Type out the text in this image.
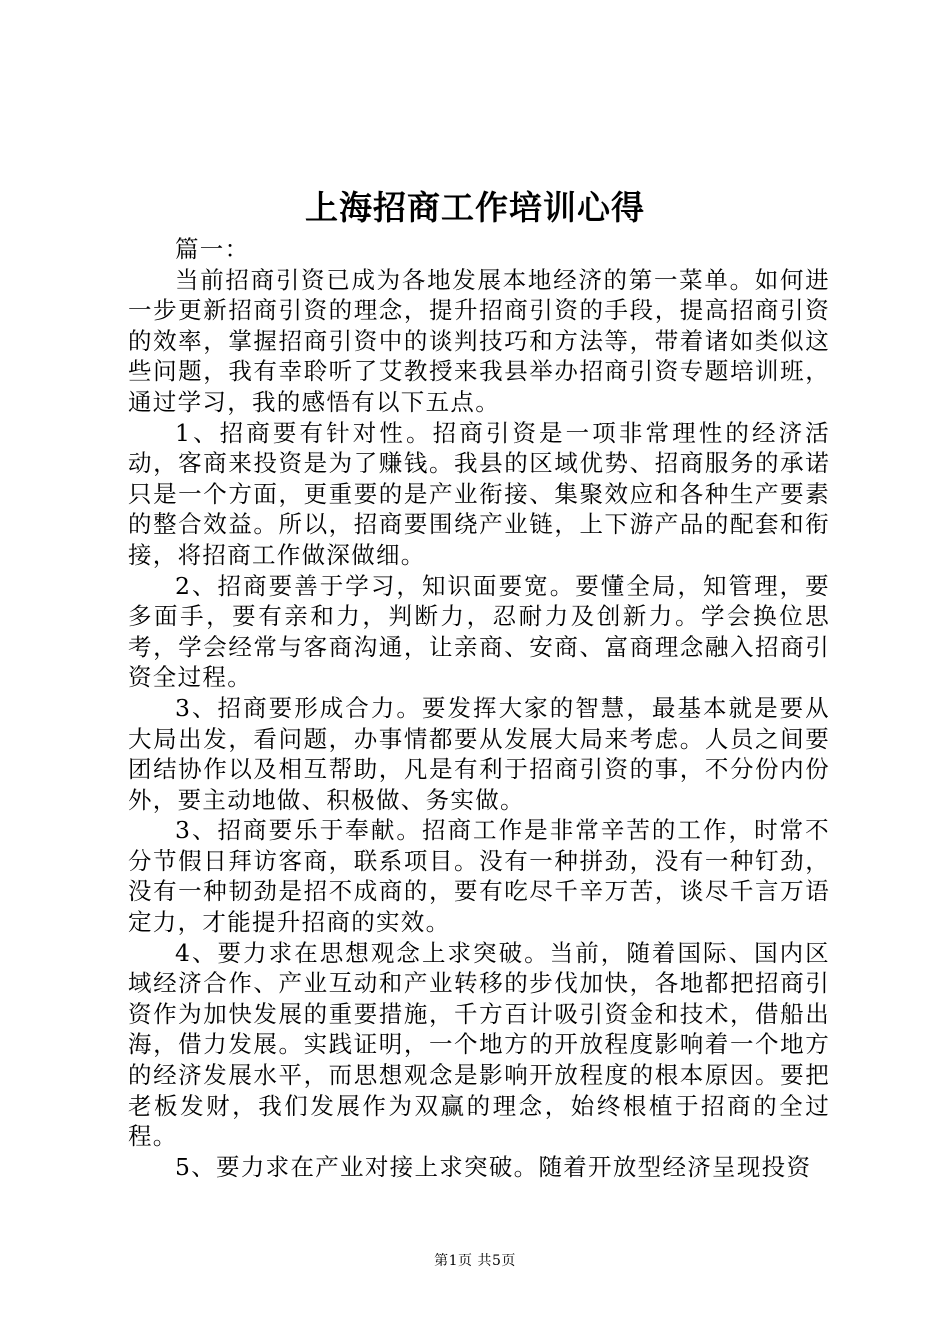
上海招商工作培训心得

篇一：

当前招商引资已成为各地发展本地经济的第一菜单。如何进一步更新招商引资的理念，提升招商引资的手段，提高招商引资的效率，掌握招商引资中的谈判技巧和方法等，带着诸如类似这些问题，我有幸聆听了艾教授来我县举办招商引资专题培训班，通过学习，我的感悟有以下五点。

1、招商要有针对性。招商引资是一项非常理性的经济活动，客商来投资是为了赚钱。我县的区域优势、招商服务的承诺只是一个方面，更重要的是产业衔接、集聚效应和各种生产要素的整合效益。所以，招商要围绕产业链，上下游产品的配套和衔接，将招商工作做深做细。

2、招商要善于学习，知识面要宽。要懂全局，知管理，要多面手，要有亲和力，判断力，忍耐力及创新力。学会换位思考，学会经常与客商沟通，让亲商、安商、富商理念融入招商引资全过程。

3、招商要形成合力。要发挥大家的智慧，最基本就是要从大局出发，看问题，办事情都要从发展大局来考虑。人员之间要团结协作以及相互帮助，凡是有利于招商引资的事，不分份内份外，要主动地做、积极做、务实做。

3、招商要乐于奉献。招商工作是非常辛苦的工作，时常不分节假日拜访客商，联系项目。没有一种拼劲，没有一种钉劲，没有一种韧劲是招不成商的，要有吃尽千辛万苦，谈尽千言万语定力，才能提升招商的实效。

4、要力求在思想观念上求突破。当前，随着国际、国内区域经济合作、产业互动和产业转移的步伐加快，各地都把招商引资作为加快发展的重要措施，千方百计吸引资金和技术，借船出海，借力发展。实践证明，一个地方的开放程度影响着一个地方的经济发展水平，而思想观念是影响开放程度的根本原因。要把老板发财，我们发展作为双赢的理念，始终根植于招商的全过程。

5、要力求在产业对接上求突破。随着开放型经济呈现投资

第1页 共5页
